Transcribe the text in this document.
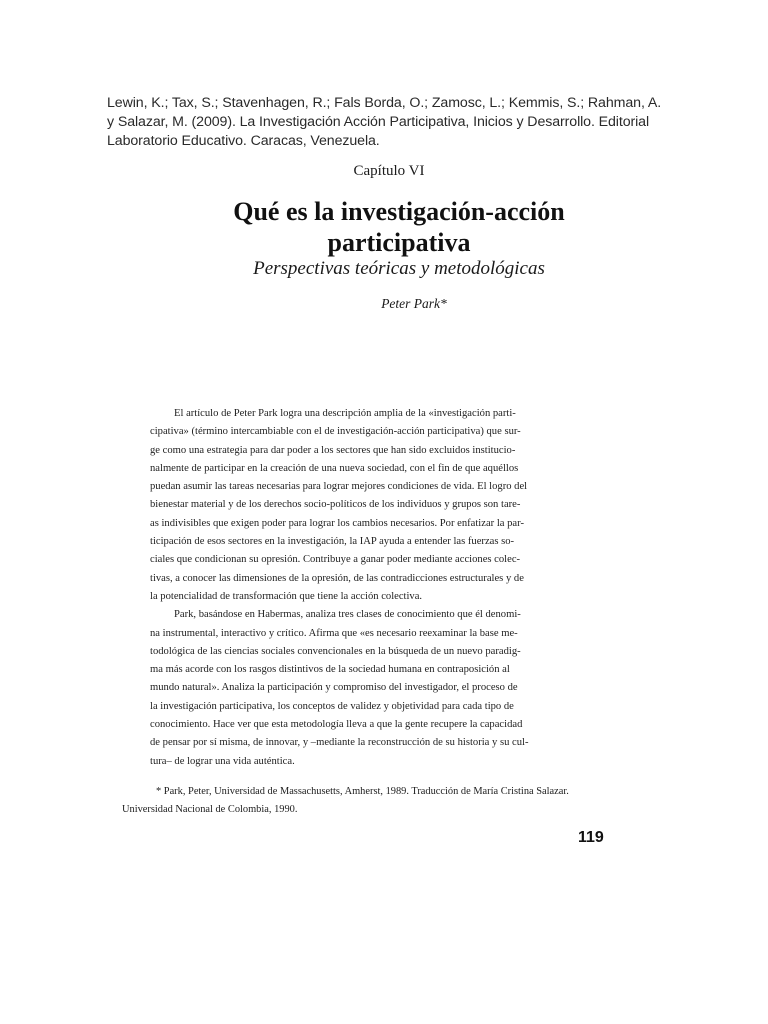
Lewin, K.; Tax, S.; Stavenhagen, R.; Fals Borda, O.; Zamosc, L.; Kemmis, S.; Rahman, A.
y Salazar, M. (2009). La Investigación Acción Participativa, Inicios y Desarrollo. Editorial
Laboratorio Educativo. Caracas, Venezuela.
Capítulo VI
Qué es la investigación-acción
participativa
Perspectivas teóricas y metodológicas
Peter Park*
El artículo de Peter Park logra una descripción amplia de la «investigación parti-
cipativa» (término intercambiable con el de investigación-acción participativa) que sur-
ge como una estrategia para dar poder a los sectores que han sido excluidos institucio-
nalmente de participar en la creación de una nueva sociedad, con el fin de que aquéllos
puedan asumir las tareas necesarias para lograr mejores condiciones de vida. El logro del
bienestar material y de los derechos socio-políticos de los individuos y grupos son tare-
as indivisibles que exigen poder para lograr los cambios necesarios. Por enfatizar la par-
ticipación de esos sectores en la investigación, la IAP ayuda a entender las fuerzas so-
ciales que condicionan su opresión. Contribuye a ganar poder mediante acciones colec-
tivas, a conocer las dimensiones de la opresión, de las contradicciones estructurales y de
la potencialidad de transformación que tiene la acción colectiva.
Park, basándose en Habermas, analiza tres clases de conocimiento que él denomi-
na instrumental, interactivo y crítico. Afirma que «es necesario reexaminar la base me-
todológica de las ciencias sociales convencionales en la búsqueda de un nuevo paradig-
ma más acorde con los rasgos distintivos de la sociedad humana en contraposición al
mundo natural». Analiza la participación y compromiso del investigador, el proceso de
la investigación participativa, los conceptos de validez y objetividad para cada tipo de
conocimiento. Hace ver que esta metodología lleva a que la gente recupere la capacidad
de pensar por sí misma, de innovar, y –mediante la reconstrucción de su historia y su cul-
tura– de lograr una vida auténtica.
* Park, Peter, Universidad de Massachusetts, Amherst, 1989. Traducción de María Cristina Salazar.
Universidad Nacional de Colombia, 1990.
119
